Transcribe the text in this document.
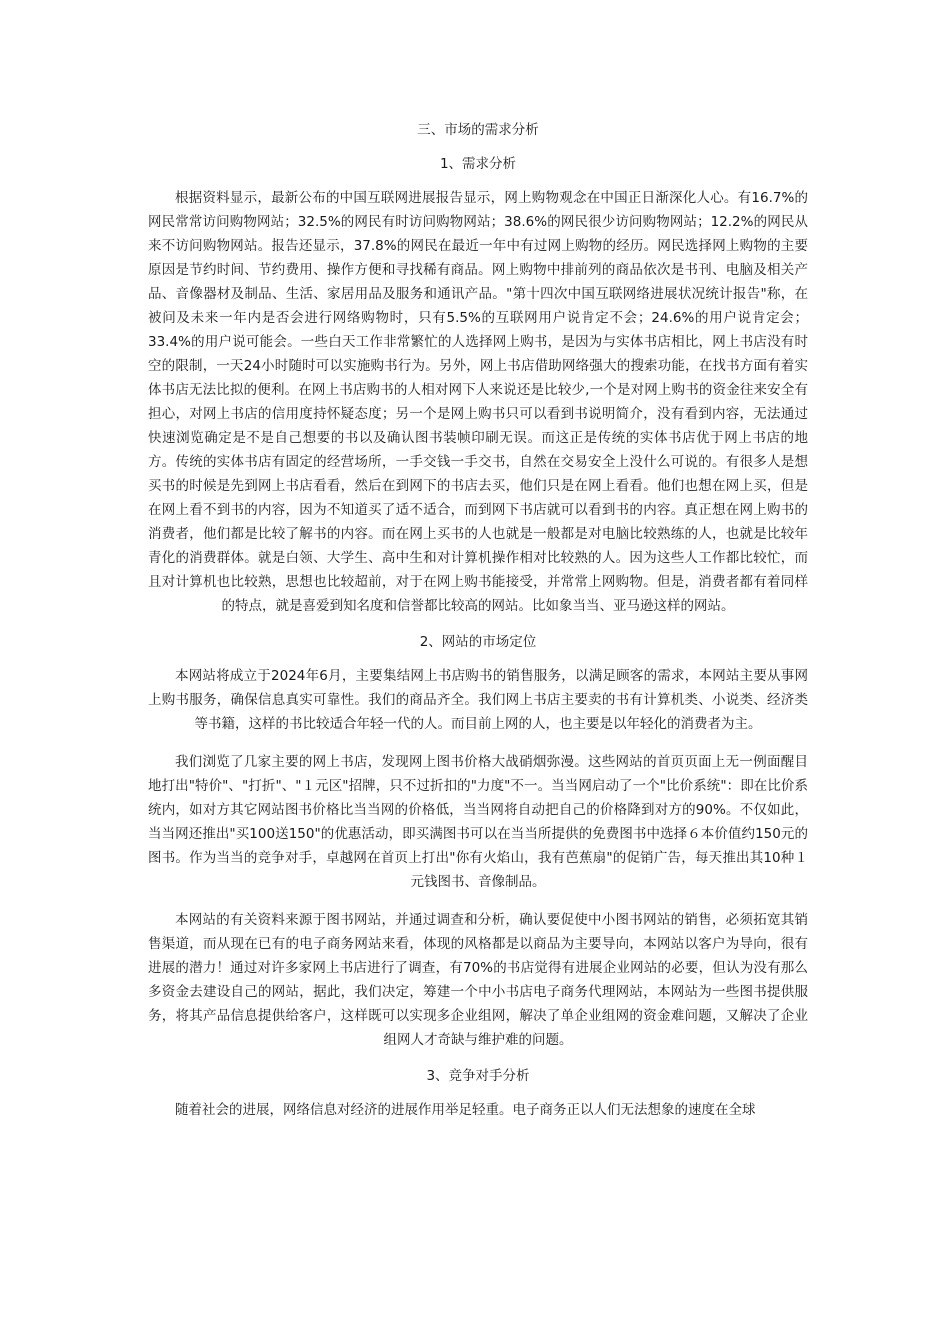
三、市场的需求分析

1、需求分析

根据资料显示，最新公布的中国互联网进展报告显示，网上购物观念在中国正日渐深化人心。有16.7%的网民常常访问购物网站；32.5%的网民有时访问购物网站；38.6%的网民很少访问购物网站；12.2%的网民从来不访问购物网站。报告还显示，37.8%的网民在最近一年中有过网上购物的经历。网民选择网上购物的主要原因是节约时间、节约费用、操作方便和寻找稀有商品。网上购物中排前列的商品依次是书刊、电脑及相关产品、音像器材及制品、生活、家居用品及服务和通讯产品。"第十四次中国互联网络进展状况统计报告"称，在被问及未来一年内是否会进行网络购物时，只有5.5%的互联网用户说肯定不会；24.6%的用户说肯定会；33.4%的用户说可能会。一些白天工作非常繁忙的人选择网上购书，是因为与实体书店相比，网上书店没有时空的限制，一天24小时随时可以实施购书行为。另外，网上书店借助网络强大的搜索功能，在找书方面有着实体书店无法比拟的便利。在网上书店购书的人相对网下人来说还是比较少,一个是对网上购书的资金往来安全有担心，对网上书店的信用度持怀疑态度；另一个是网上购书只可以看到书说明简介，没有看到内容，无法通过快速浏览确定是不是自己想要的书以及确认图书装帧印刷无误。而这正是传统的实体书店优于网上书店的地方。传统的实体书店有固定的经营场所，一手交钱一手交书，自然在交易安全上没什么可说的。有很多人是想买书的时候是先到网上书店看看，然后在到网下的书店去买，他们只是在网上看看。他们也想在网上买，但是在网上看不到书的内容，因为不知道买了适不适合，而到网下书店就可以看到书的内容。真正想在网上购书的消费者，他们都是比较了解书的内容。而在网上买书的人也就是一般都是对电脑比较熟练的人，也就是比较年青化的消费群体。就是白领、大学生、高中生和对计算机操作相对比较熟的人。因为这些人工作都比较忙，而且对计算机也比较熟，思想也比较超前，对于在网上购书能接受，并常常上网购物。但是，消费者都有着同样的特点，就是喜爱到知名度和信誉都比较高的网站。比如象当当、亚马逊这样的网站。

2、网站的市场定位

本网站将成立于2024年6月，主要集结网上书店购书的销售服务，以满足顾客的需求，本网站主要从事网上购书服务，确保信息真实可靠性。我们的商品齐全。我们网上书店主要卖的书有计算机类、小说类、经济类等书籍，这样的书比较适合年轻一代的人。而目前上网的人，也主要是以年轻化的消费者为主。

我们浏览了几家主要的网上书店，发现网上图书价格大战硝烟弥漫。这些网站的首页页面上无一例面醒目地打出"特价"、"打折"、"１元区"招牌，只不过折扣的"力度"不一。当当网启动了一个"比价系统"：即在比价系统内，如对方其它网站图书价格比当当网的价格低，当当网将自动把自己的价格降到对方的90%。不仅如此，当当网还推出"买100送150"的优惠活动，即买满图书可以在当当所提供的免费图书中选择６本价值约150元的图书。作为当当的竞争对手，卓越网在首页上打出"你有火焰山，我有芭蕉扇"的促销广告，每天推出其10种１元钱图书、音像制品。

本网站的有关资料来源于图书网站，并通过调查和分析，确认要促使中小图书网站的销售，必须拓宽其销售渠道，而从现在已有的电子商务网站来看，体现的风格都是以商品为主要导向，本网站以客户为导向，很有进展的潜力！通过对许多家网上书店进行了调查，有70%的书店觉得有进展企业网站的必要，但认为没有那么多资金去建设自己的网站，据此，我们决定，筹建一个中小书店电子商务代理网站，本网站为一些图书提供服务，将其产品信息提供给客户，这样既可以实现多企业组网，解决了单企业组网的资金难问题，又解决了企业组网人才奇缺与维护难的问题。

3、竞争对手分析

随着社会的进展，网络信息对经济的进展作用举足轻重。电子商务正以人们无法想象的速度在全球
